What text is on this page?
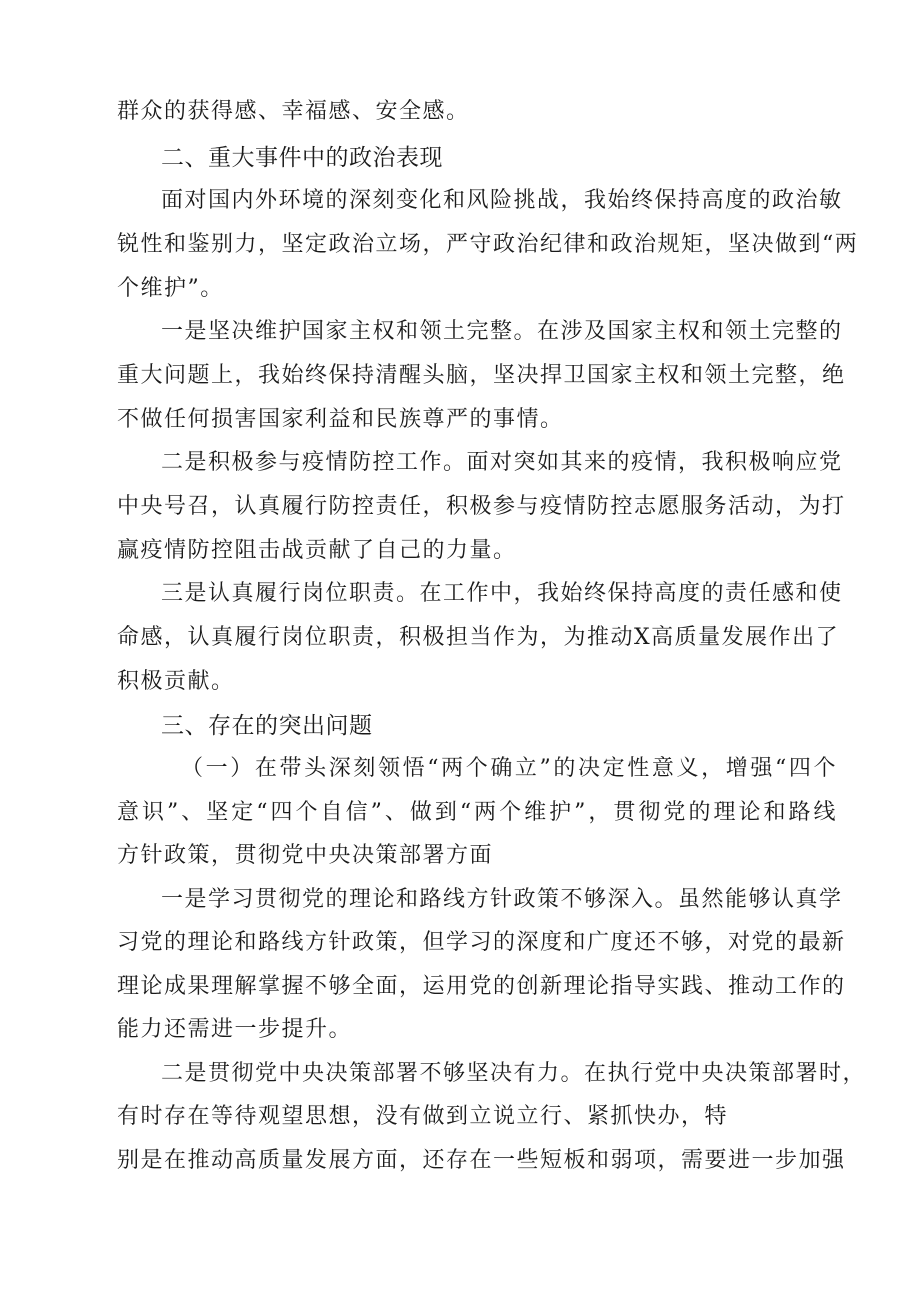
群众的获得感、幸福感、安全感。
二、重大事件中的政治表现
面对国内外环境的深刻变化和风险挑战，我始终保持高度的政治敏
锐性和鉴别力，坚定政治立场，严守政治纪律和政治规矩，坚决做到“两
个维护”。
一是坚决维护国家主权和领土完整。在涉及国家主权和领土完整的
重大问题上，我始终保持清醒头脑，坚决捍卫国家主权和领土完整，绝
不做任何损害国家利益和民族尊严的事情。
二是积极参与疫情防控工作。面对突如其来的疫情，我积极响应党
中央号召，认真履行防控责任，积极参与疫情防控志愿服务活动，为打
赢疫情防控阻击战贡献了自己的力量。
三是认真履行岗位职责。在工作中，我始终保持高度的责任感和使
命感，认真履行岗位职责，积极担当作为，为推动X高质量发展作出了
积极贡献。
三、存在的突出问题
（一）在带头深刻领悟“两个确立”的决定性意义，增强“四个
意识”、坚定“四个自信”、做到“两个维护”，贯彻党的理论和路线
方针政策，贯彻党中央决策部署方面
一是学习贯彻党的理论和路线方针政策不够深入。虽然能够认真学
习党的理论和路线方针政策，但学习的深度和广度还不够，对党的最新
理论成果理解掌握不够全面，运用党的创新理论指导实践、推动工作的
能力还需进一步提升。
二是贯彻党中央决策部署不够坚决有力。在执行党中央决策部署时，
有时存在等待观望思想，没有做到立说立行、紧抓快办，特
别是在推动高质量发展方面，还存在一些短板和弱项，需要进一步加强
